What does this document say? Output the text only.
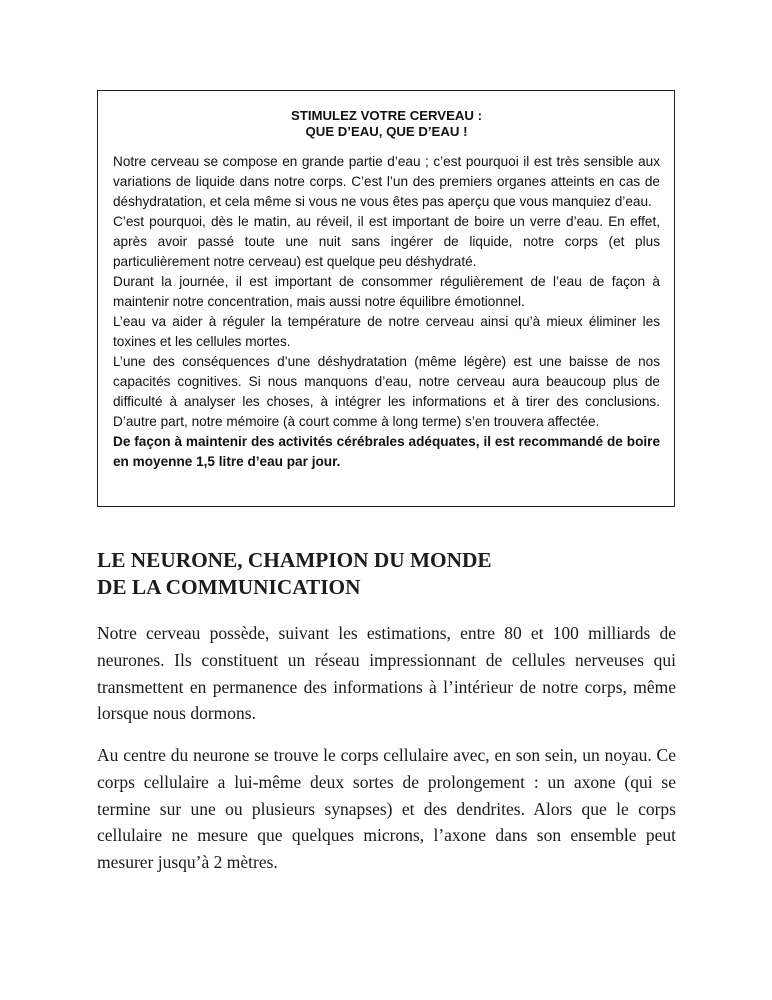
STIMULEZ VOTRE CERVEAU :
QUE D’EAU, QUE D’EAU !

Notre cerveau se compose en grande partie d’eau ; c’est pourquoi il est très sensible aux variations de liquide dans notre corps. C’est l’un des premiers organes atteints en cas de déshydratation, et cela même si vous ne vous êtes pas aperçu que vous manquiez d’eau.

C’est pourquoi, dès le matin, au réveil, il est important de boire un verre d’eau. En effet, après avoir passé toute une nuit sans ingérer de liquide, notre corps (et plus particulièrement notre cerveau) est quelque peu déshydraté.

Durant la journée, il est important de consommer régulièrement de l’eau de façon à maintenir notre concentration, mais aussi notre équilibre émotionnel.

L’eau va aider à réguler la température de notre cerveau ainsi qu’à mieux éliminer les toxines et les cellules mortes.

L’une des conséquences d’une déshydratation (même légère) est une baisse de nos capacités cognitives. Si nous manquons d’eau, notre cerveau aura beaucoup plus de difficulté à analyser les choses, à intégrer les informations et à tirer des conclusions. D’autre part, notre mémoire (à court comme à long terme) s’en trouvera affectée.

De façon à maintenir des activités cérébrales adéquates, il est recommandé de boire en moyenne 1,5 litre d’eau par jour.

LE NEURONE, CHAMPION DU MONDE
DE LA COMMUNICATION

Notre cerveau possède, suivant les estimations, entre 80 et 100 milliards de neurones. Ils constituent un réseau impressionnant de cellules nerveuses qui transmettent en permanence des informations à l’intérieur de notre corps, même lorsque nous dormons.

Au centre du neurone se trouve le corps cellulaire avec, en son sein, un noyau. Ce corps cellulaire a lui-même deux sortes de prolongement : un axone (qui se termine sur une ou plusieurs synapses) et des dendrites. Alors que le corps cellulaire ne mesure que quelques microns, l’axone dans son ensemble peut mesurer jusqu’à 2 mètres.
